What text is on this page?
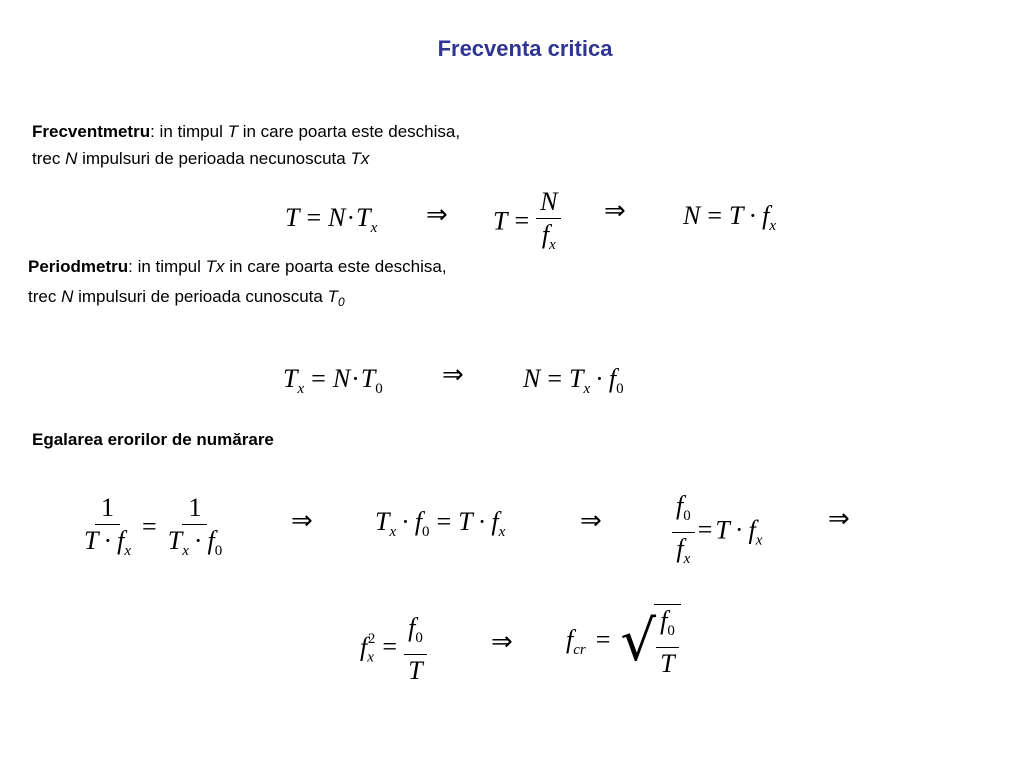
Frecventa critica
Frecventmetru: in timpul T in care poarta este deschisa,
trec N impulsuri de perioada necunoscuta Tx
$T = N\cdot T_x$ ⇒ $T = \frac{N}{f_x}$ ⇒ $N = T \cdot f_x$
Periodmetru: in timpul Tx in care poarta este deschisa,
trec N impulsuri de perioada cunoscuta $T_0$
$T_x = N\cdot T_0$ ⇒ $N = T_x \cdot f_0$
Egalarea erorilor de numărare
$\frac{1}{T \cdot f_x} = \frac{1}{T_x \cdot f_0}$ ⇒ $T_x \cdot f_0 = T \cdot f_x$	⇒	$\frac{f_0}{f_x} = T \cdot f_x$
⇒
$f_x^2 = \frac{f_0}{T}$ ⇒ $f_{cr}$ = √ $\frac{f_0}{T}$
